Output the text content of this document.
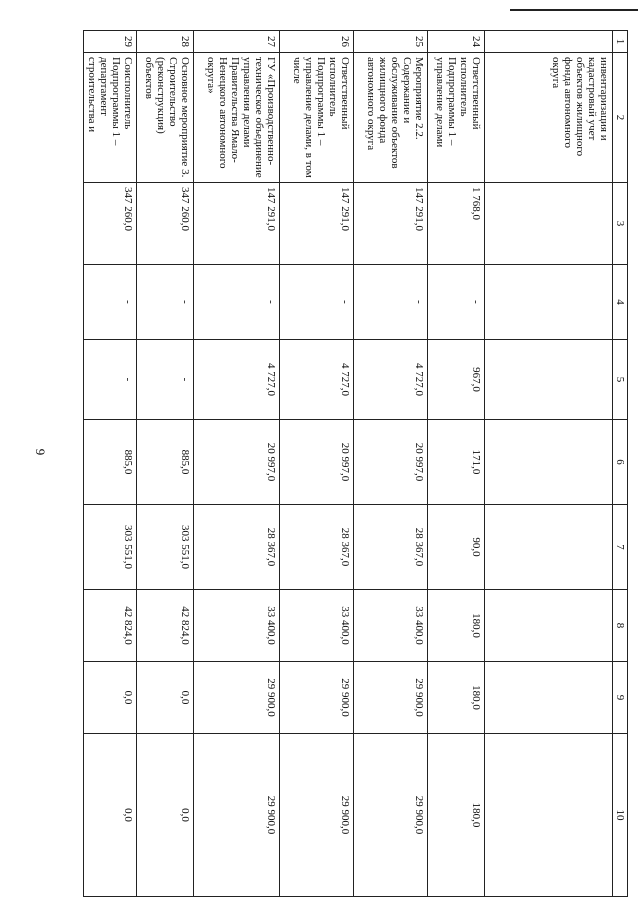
9
1	2	3	4	5	6	7	8	9	10
	инвентаризация и кадастровый учет объектов жилищного фонда автономного округа								
24	Ответственный исполнитель Подпрограммы 1 – управление делами	1 768,0	-	967,0	171,0	90,0	180,0	180,0	180,0
25	Мероприятие 2.2. Содержание и обслуживание объектов жилищного фонда автономного округа	147 291,0	-	4 727,0	20 997,0	28 367,0	33 400,0	29 900,0	29 900,0
26	Ответственный исполнитель Подпрограммы 1 – управление делами, в том числе	147 291,0	-	4 727,0	20 997,0	28 367,0	33 400,0	29 900,0	29 900,0
27	ГУ «Производственно-техническое объединение управления делами Правительства Ямало-Ненецкого автономного округа»	147 291,0	-	4 727,0	20 997,0	28 367,0	33 400,0	29 900,0	29 900,0
28	Основное мероприятие 3. Строительство (реконструкция) объектов	347 260,0	-	-	885,0	303 551,0	42 824,0	0,0	0,0
29	Соисполнитель Подпрограммы 1 – департамент строительства и	347 260,0	-	-	885,0	303 551,0	42 824,0	0,0	0,0
